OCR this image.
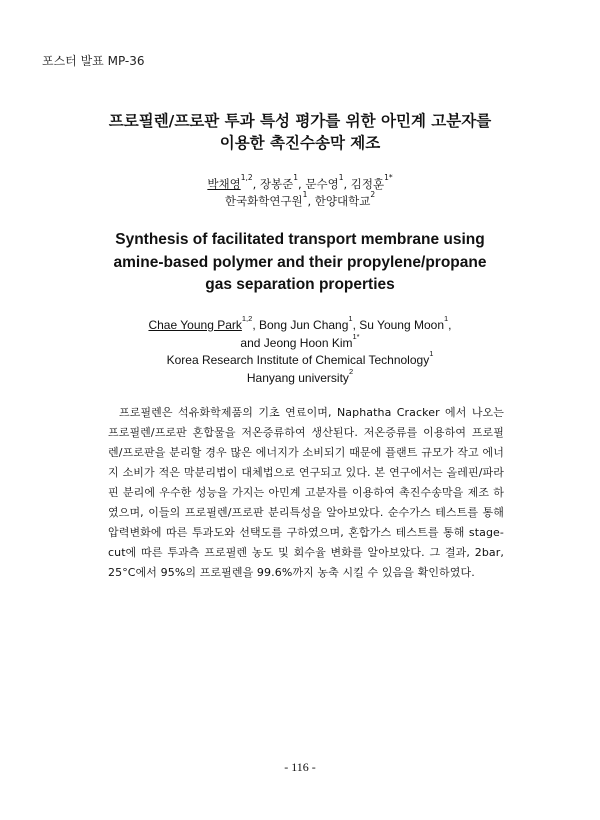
포스터 발표 MP-36
프로필렌/프로판 투과 특성 평가를 위한 아민계 고분자를
이용한 촉진수송막 제조
박채영$^{1,2}$, 장봉준$^1$, 문수영$^1$, 김정훈$^{1*}$
한국화학연구원$^1$, 한양대학교$^2$
Synthesis of facilitated transport membrane using
amine-based polymer and their propylene/propane
gas separation properties
Chae Young Park$^{1,2}$, Bong Jun Chang$^1$, Su Young Moon$^1$,
and Jeong Hoon Kim$^{1*}$
Korea Research Institute of Chemical Technology$^1$
Hanyang university$^2$

프로필렌은 석유화학제품의 기초 연료이며, Naphatha Cracker 에서 나오는 프로필렌/프로판 혼합물을 저온증류하여 생산된다. 저온증류를 이용하여 프로필렌/프로판을 분리할 경우 많은 에너지가 소비되기 때문에 플랜트 규모가 작고 에너지 소비가 적은 막분리법이 대체법으로 연구되고 있다. 본 연구에서는 올레핀/파라핀 분리에 우수한 성능을 가지는 아민계 고분자를 이용하여 촉진수송막을 제조 하였으며, 이들의 프로필렌/프로판 분리특성을 알아보았다. 순수가스 테스트를 통해 압력변화에 따른 투과도와 선택도를 구하였으며, 혼합가스 테스트를 통해 stage-cut에 따른 투과측 프로필렌 농도 및 회수율 변화를 알아보았다. 그 결과, 2bar, 25°C에서 95%의 프로필렌을 99.6%까지 농축 시킬 수 있음을 확인하였다.

- 116 -
